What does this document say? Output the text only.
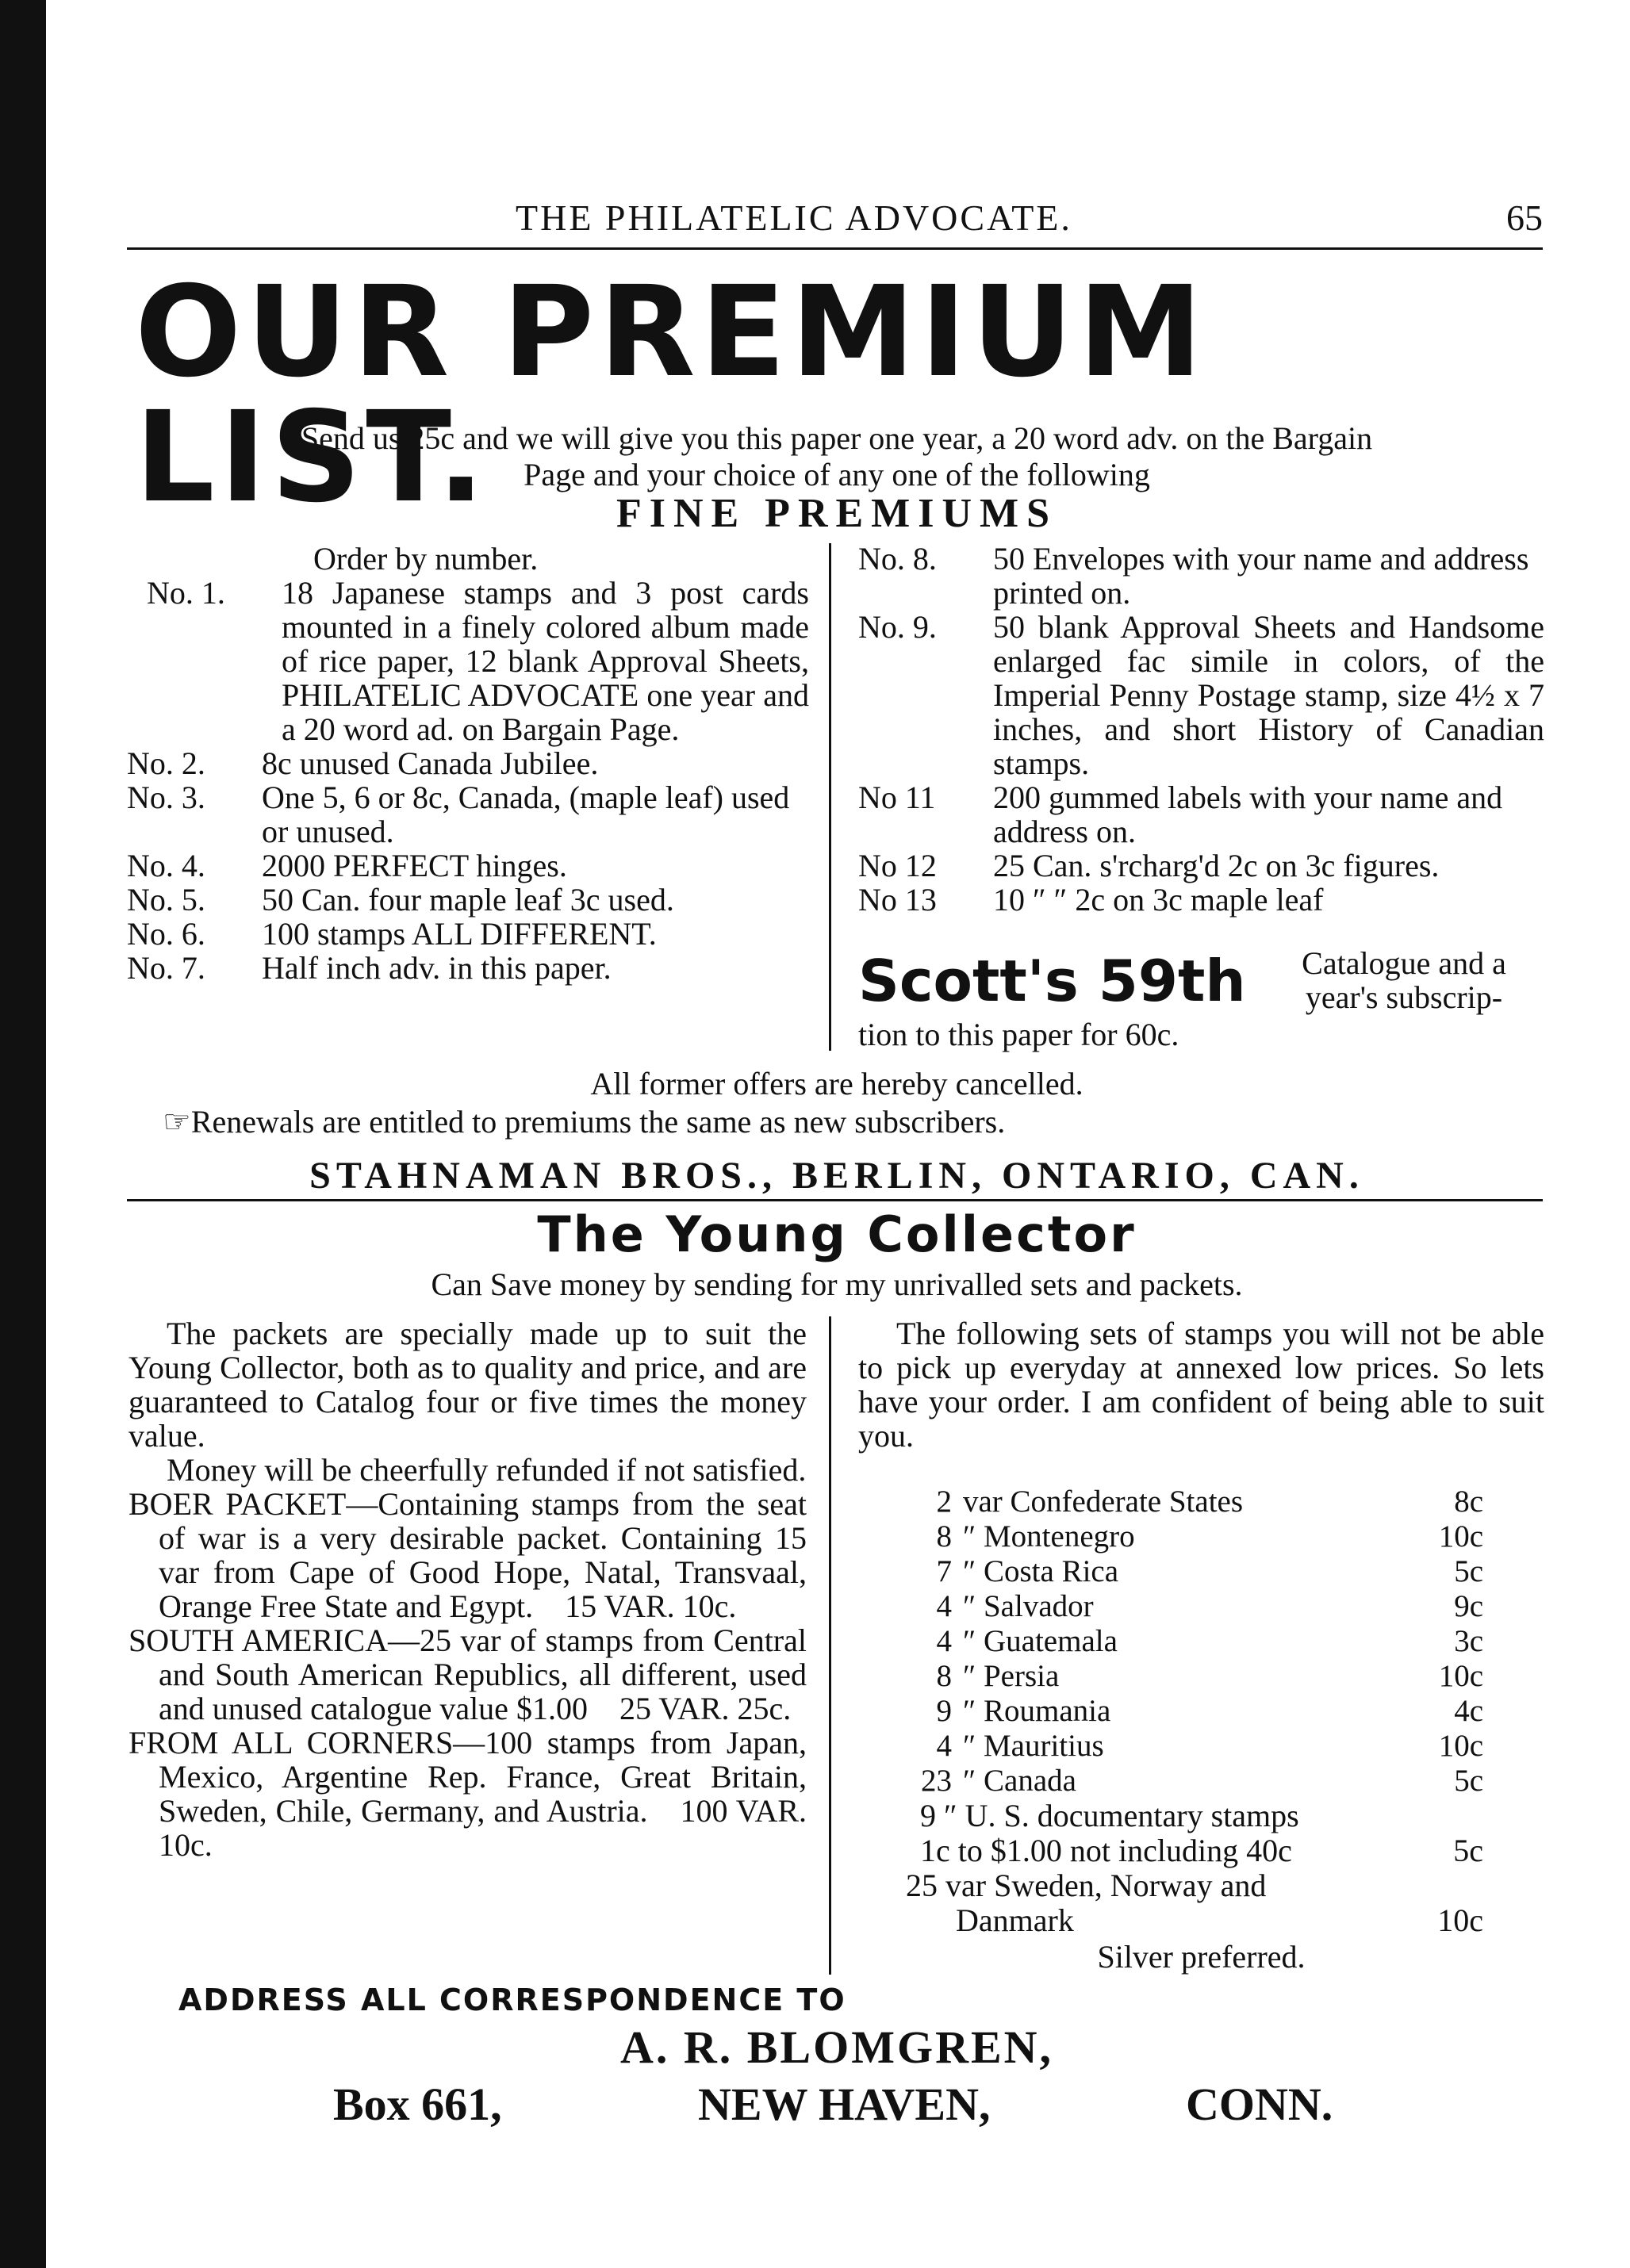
THE PHILATELIC ADVOCATE.	65
OUR PREMIUM LIST.
Send us 25c and we will give you this paper one year, a 20 word adv. on the Bargain
Page and your choice of any one of the following
FINE PREMIUMS
Order by number.
No. 1. 18 Japanese stamps and 3 post cards mounted in a finely colored album made of rice paper, 12 blank Approval Sheets, PHILATELIC ADVOCATE one year and a 20 word ad. on Bargain Page.
No. 2. 8c unused Canada Jubilee.
No. 3. One 5, 6 or 8c, Canada, (maple leaf) used or unused.
No. 4. 2000 PERFECT hinges.
No. 5. 50 Can. four maple leaf 3c used.
No. 6. 100 stamps ALL DIFFERENT.
No. 7. Half inch adv. in this paper.
No. 8. 50 Envelopes with your name and address printed on.
No. 9. 50 blank Approval Sheets and Handsome enlarged fac simile in colors, of the Imperial Penny Postage stamp, size 4½ x 7 inches, and short History of Canadian stamps.
No 11 200 gummed labels with your name and address on.
No 12 25 Can. s'rcharg'd 2c on 3c figures.
No 13 10 ″ ″ 2c on 3c maple leaf
Scott's 59th	Catalogue and a
year's subscrip-
tion to this paper for 60c.
All former offers are hereby cancelled.
☞Renewals are entitled to premiums the same as new subscribers.
STAHNAMAN BROS., BERLIN, ONTARIO, CAN.
The Young Collector
Can Save money by sending for my unrivalled sets and packets.
The packets are specially made up to suit the Young Collector, both as to quality and price, and are guaranteed to Catalog four or five times the money value.
Money will be cheerfully refunded if not satisfied.
BOER PACKET—Containing stamps from the seat of war is a very desirable packet. Containing 15 var from Cape of Good Hope, Natal, Transvaal, Orange Free State and Egypt. 15 VAR. 10c.
SOUTH AMERICA—25 var of stamps from Central and South American Republics, all different, used and unused catalogue value $1.00 25 VAR. 25c.
FROM ALL CORNERS—100 stamps from Japan, Mexico, Argentine Rep. France, Great Britain, Sweden, Chile, Germany, and Austria. 100 VAR. 10c.
The following sets of stamps you will not be able to pick up everyday at annexed low prices. So lets have your order. I am confident of being able to suit you.
2	var Confederate States	8c
8	″ Montenegro	10c
7	″ Costa Rica	5c
4	″ Salvador	9c
4	″ Guatemala	3c
8	″ Persia	10c
9	″ Roumania	4c
4	″ Mauritius	10c
23	″ Canada	5c
9 ″ U. S. documentary stamps
1c to $1.00 not including 40c	5c
25 var Sweden, Norway and
Danmark	10c
Silver preferred.
ADDRESS ALL CORRESPONDENCE TO
A. R. BLOMGREN,
Box 661,	NEW HAVEN,	CONN.
